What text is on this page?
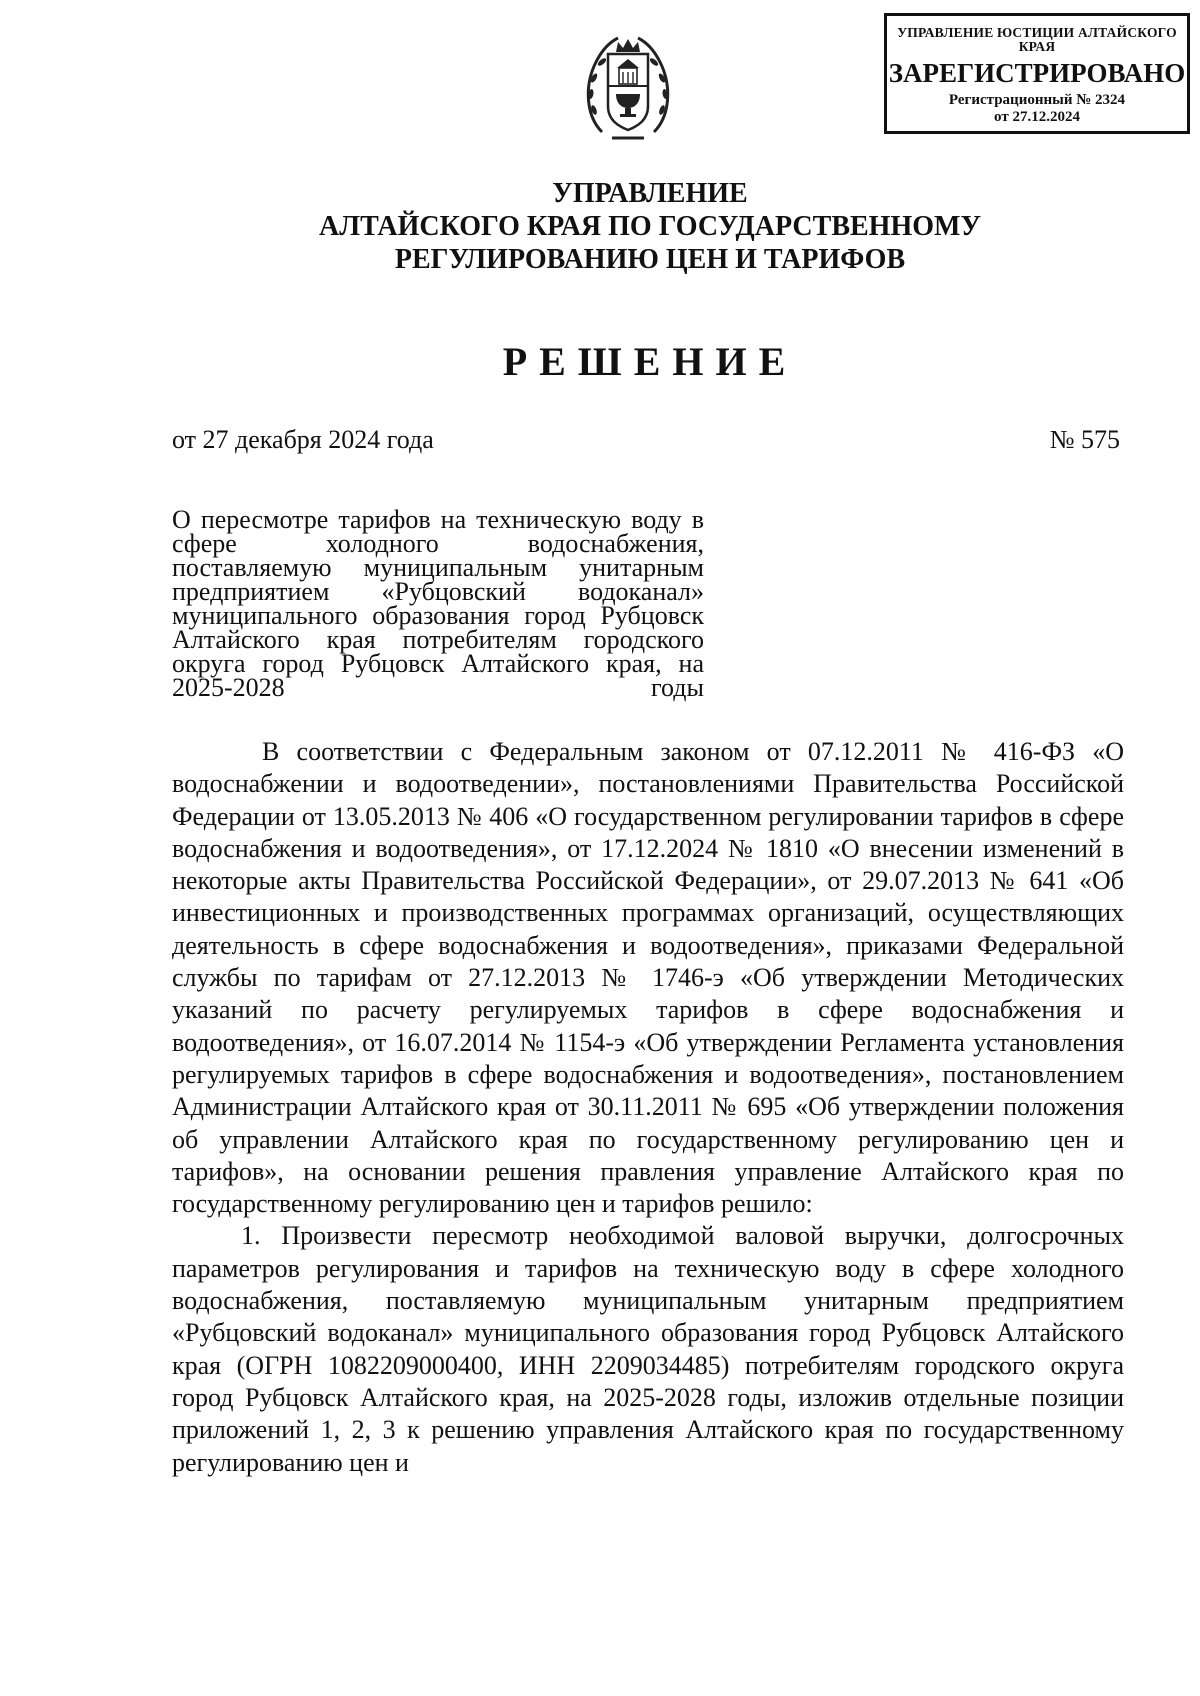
УПРАВЛЕНИЕ ЮСТИЦИИ АЛТАЙСКОГО КРАЯ
ЗАРЕГИСТРИРОВАНО
Регистрационный № 2324
от 27.12.2024
УПРАВЛЕНИЕ
АЛТАЙСКОГО КРАЯ ПО ГОСУДАРСТВЕННОМУ
РЕГУЛИРОВАНИЮ ЦЕН И ТАРИФОВ
РЕШЕНИЕ
от 27 декабря 2024 года	№ 575
О пересмотре тарифов на техническую воду в сфере холодного водоснабжения, поставляемую муниципальным унитарным предприятием «Рубцовский водоканал» муниципального образования город Рубцовск Алтайского края потребителям городского округа город Рубцовск Алтайского края, на 2025-2028 годы

В соответствии с Федеральным законом от 07.12.2011 № 416-ФЗ «О водоснабжении и водоотведении», постановлениями Правительства Российской Федерации от 13.05.2013 № 406 «О государственном регулировании тарифов в сфере водоснабжения и водоотведения», от 17.12.2024 № 1810 «О внесении изменений в некоторые акты Правительства Российской Федерации», от 29.07.2013 № 641 «Об инвестиционных и производственных программах организаций, осуществляющих деятельность в сфере водоснабжения и водоотведения», приказами Федеральной службы по тарифам от 27.12.2013 № 1746-э «Об утверждении Методических указаний по расчету регулируемых тарифов в сфере водоснабжения и водоотведения», от 16.07.2014 № 1154-э «Об утверждении Регламента установления регулируемых тарифов в сфере водоснабжения и водоотведения», постановлением Администрации Алтайского края от 30.11.2011 № 695 «Об утверждении положения об управлении Алтайского края по государственному регулированию цен и тарифов», на основании решения правления управление Алтайского края по государственному регулированию цен и тарифов решило:

1. Произвести пересмотр необходимой валовой выручки, долгосрочных параметров регулирования и тарифов на техническую воду в сфере холодного водоснабжения, поставляемую муниципальным унитарным предприятием «Рубцовский водоканал» муниципального образования город Рубцовск Алтайского края (ОГРН 1082209000400, ИНН 2209034485) потребителям городского округа город Рубцовск Алтайского края, на 2025-2028 годы, изложив отдельные позиции приложений 1, 2, 3 к решению управления Алтайского края по государственному регулированию цен и
